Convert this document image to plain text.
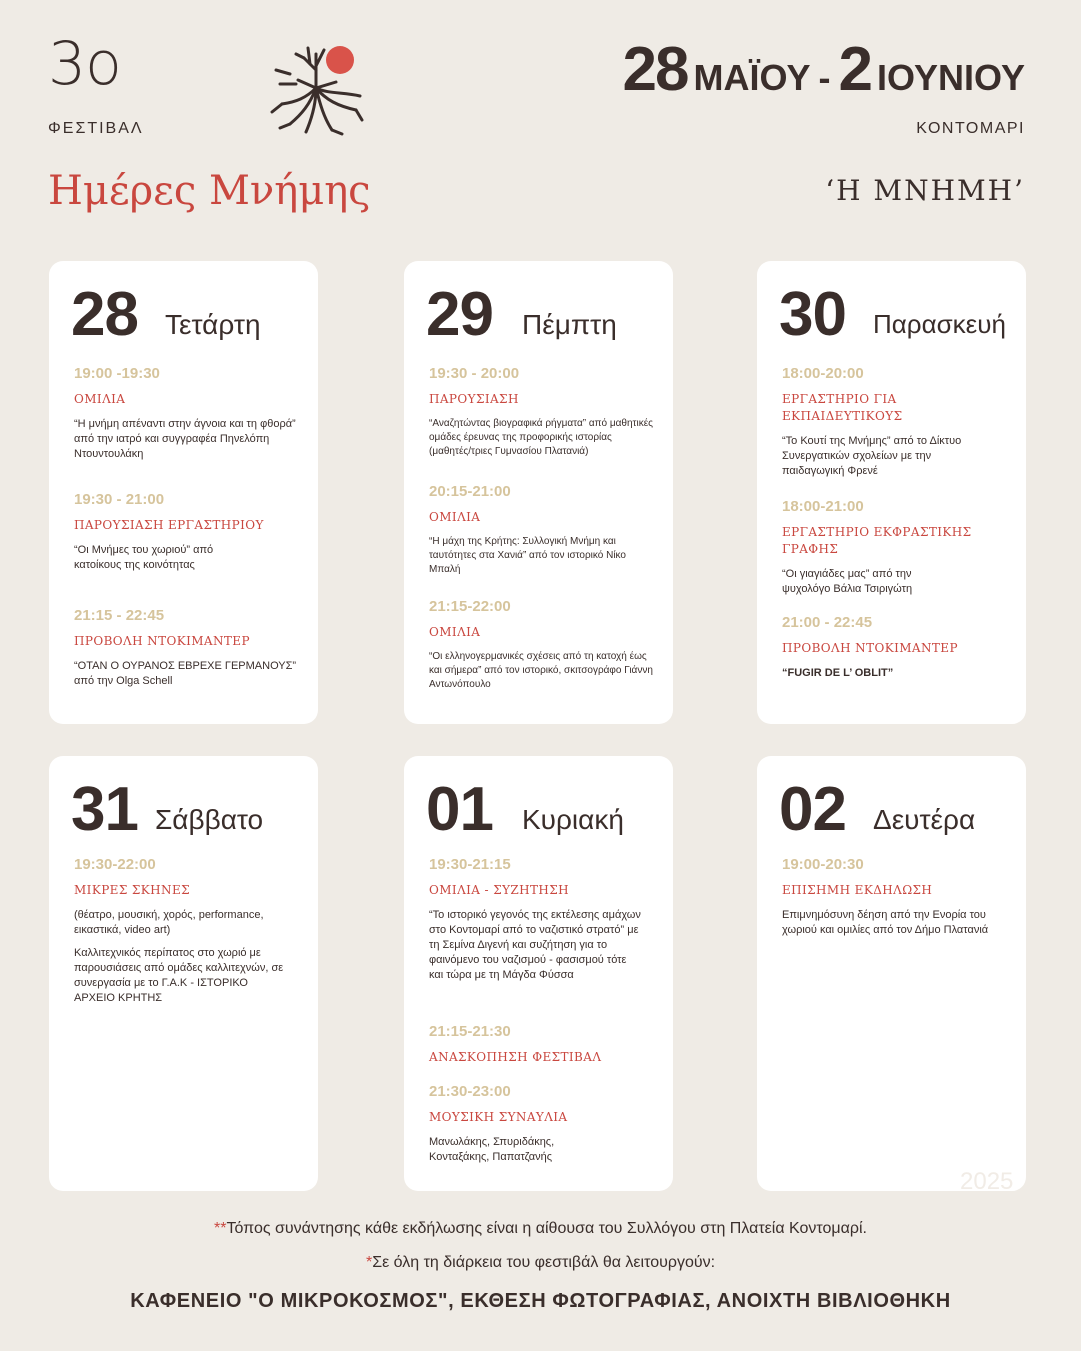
3ο
ΦΕΣΤΙΒΑΛ
Ημέρες Μνήμης
28 ΜΑΪΟΥ - 2 ΙΟΥΝΙΟΥ
ΚΟΝΤΟΜΑΡΙ
‘Η ΜΝΗΜΗ’
28 Τετάρτη
19:00 -19:30
ΟΜΙΛΙΑ
“Η μνήμη απέναντι στην άγνοια και τη φθορά” από την ιατρό και συγγραφέα Πηνελόπη Ντουντουλάκη
19:30 - 21:00
ΠΑΡΟΥΣΙΑΣΗ ΕΡΓΑΣΤΗΡΙΟΥ
“Οι Μνήμες του χωριού” από κατοίκους της κοινότητας
21:15 - 22:45
ΠΡΟΒΟΛΗ ΝΤΟΚΙΜΑΝΤΕΡ
“ΟΤΑΝ Ο ΟΥΡΑΝΟΣ ΕΒΡΕΧΕ ΓΕΡΜΑΝΟΥΣ” από την Olga Schell
29 Πέμπτη
19:30 - 20:00
ΠΑΡΟΥΣΙΑΣΗ
“Αναζητώντας βιογραφικά ρήγματα” από μαθητικές ομάδες έρευνας της προφορικής ιστορίας (μαθητές/τριες Γυμνασίου Πλατανιά)
20:15-21:00
ΟΜΙΛΙΑ
“Η μάχη της Κρήτης: Συλλογική Μνήμη και ταυτότητες στα Χανιά” από τον ιστορικό Νίκο Μπαλή
21:15-22:00
ΟΜΙΛΙΑ
“Οι ελληνογερμανικές σχέσεις από τη κατοχή έως και σήμερα” από τον ιστορικό, σκιτσογράφο Γιάννη Αντωνόπουλο
30 Παρασκευή
18:00-20:00
ΕΡΓΑΣΤΗΡΙΟ ΓΙΑ ΕΚΠΑΙΔΕΥΤΙΚΟΥΣ
“Το Κουτί της Μνήμης” από το Δίκτυο Συνεργατικών σχολείων με την παιδαγωγική Φρενέ
18:00-21:00
ΕΡΓΑΣΤΗΡΙΟ ΕΚΦΡΑΣΤΙΚΗΣ ΓΡΑΦΗΣ
“Οι γιαγιάδες μας” από την ψυχολόγο Βάλια Τσιριγώτη
21:00 - 22:45
ΠΡΟΒΟΛΗ ΝΤΟΚΙΜΑΝΤΕΡ
“FUGIR DE L’ OBLIT”
31 Σάββατο
19:30-22:00
ΜΙΚΡΕΣ ΣΚΗΝΕΣ
(θέατρο, μουσική, χορός, performance, εικαστικά, video art)
Καλλιτεχνικός περίπατος στο χωριό με παρουσιάσεις από ομάδες καλλιτεχνών, σε συνεργασία με το Γ.Α.Κ - ΙΣΤΟΡΙΚΟ ΑΡΧΕΙΟ ΚΡΗΤΗΣ
01 Κυριακή
19:30-21:15
ΟΜΙΛΙΑ - ΣΥΖΗΤΗΣΗ
“Το ιστορικό γεγονός της εκτέλεσης αμάχων στο Κοντομαρί από το ναζιστικό στρατό” με τη Σεμίνα Διγενή και συζήτηση για το φαινόμενο του ναζισμού - φασισμού τότε και τώρα με τη Μάγδα Φύσσα
21:15-21:30
ΑΝΑΣΚΟΠΗΣΗ ΦΕΣΤΙΒΑΛ
21:30-23:00
ΜΟΥΣΙΚΗ ΣΥΝΑΥΛΙΑ
Μανωλάκης, Σπυριδάκης, Κονταξάκης, Παπατζανής
02 Δευτέρα
19:00-20:30
ΕΠΙΣΗΜΗ ΕΚΔΗΛΩΣΗ
Επιμνημόσυνη δέηση από την Ενορία του χωριού και ομιλίες από τον Δήμο Πλατανιά
2025
**Τόπος συνάντησης κάθε εκδήλωσης είναι η αίθουσα του Συλλόγου στη Πλατεία Κοντομαρί.
*Σε όλη τη διάρκεια του φεστιβάλ θα λειτουργούν:
ΚΑΦΕΝΕΙΟ "Ο ΜΙΚΡΟΚΟΣΜΟΣ", ΕΚΘΕΣΗ ΦΩΤΟΓΡΑΦΙΑΣ, ΑΝΟΙΧΤΗ ΒΙΒΛΙΟΘΗΚΗ
